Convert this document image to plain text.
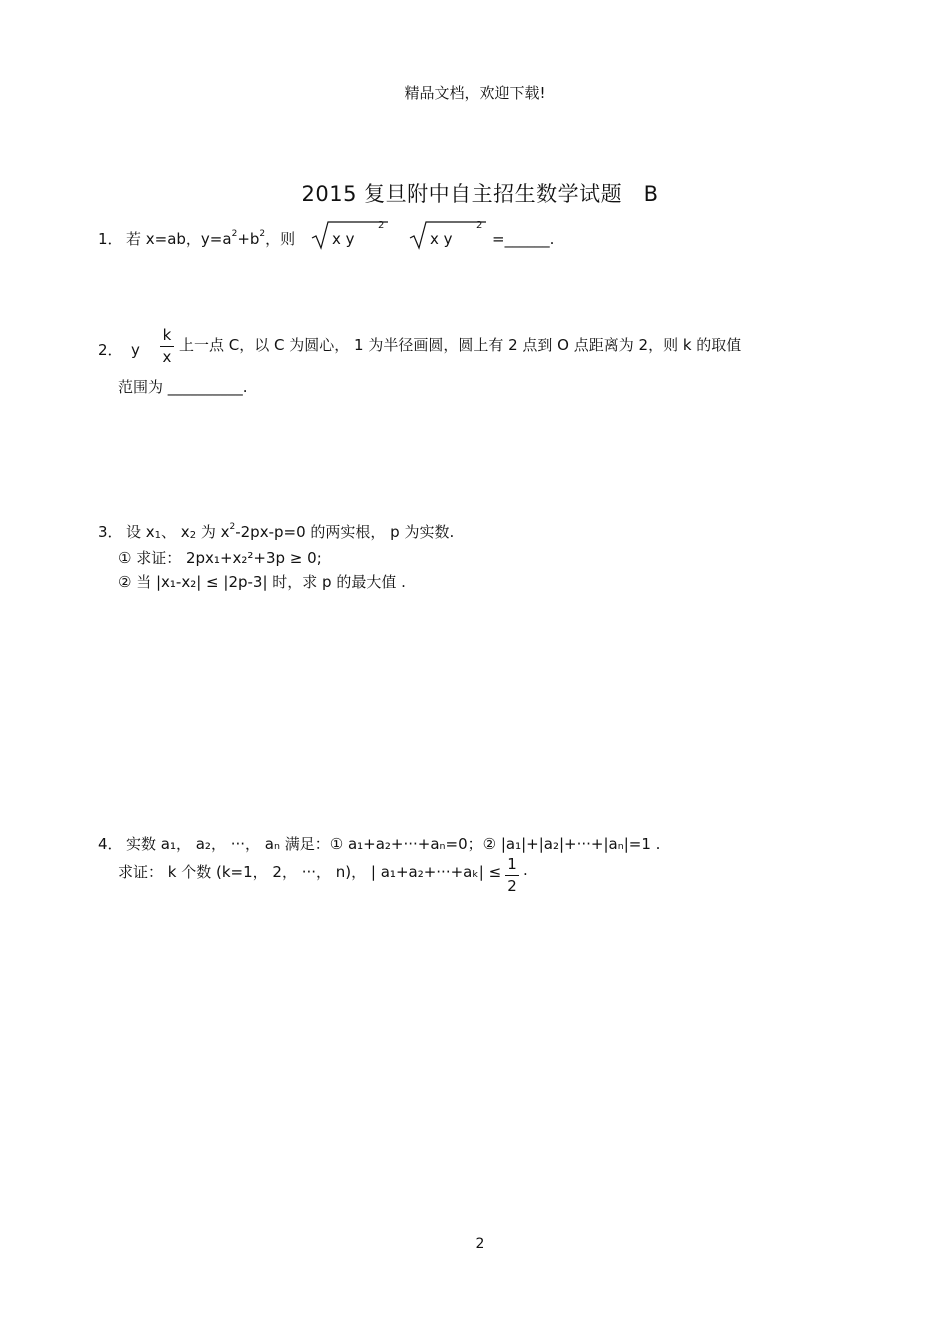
精品文档，欢迎下载!
2015 复旦附中自主招生数学试题　B
1． 若 x=ab，$y=a^2+b^2$，则 x y
2
x y
2
=______.
2． y
k
x
上一点 C，以 C 为圆心， 1 为半径画圆，圆上有 2 点到 O 点距离为 2，则 k 的取值
范围为 __________.
3． 设 $x_1$、 $x_2$ 为 $x^2-2px-p=0$ 的两实根， p 为实数.
① 求证： 2px₁+x₂²+3p ≥ 0;
② 当 |x₁-x₂| ≤ |2p-3| 时，求 p 的最大值 .
4． 实数 a₁， a₂， ···， aₙ 满足：① a₁+a₂+···+aₙ=0；② |a₁|+|a₂|+···+|aₙ|=1 .
求证： k 个数 (k=1， 2， ···， n)， | a₁+a₂+···+aₖ| ≤ 1
2
.
2
